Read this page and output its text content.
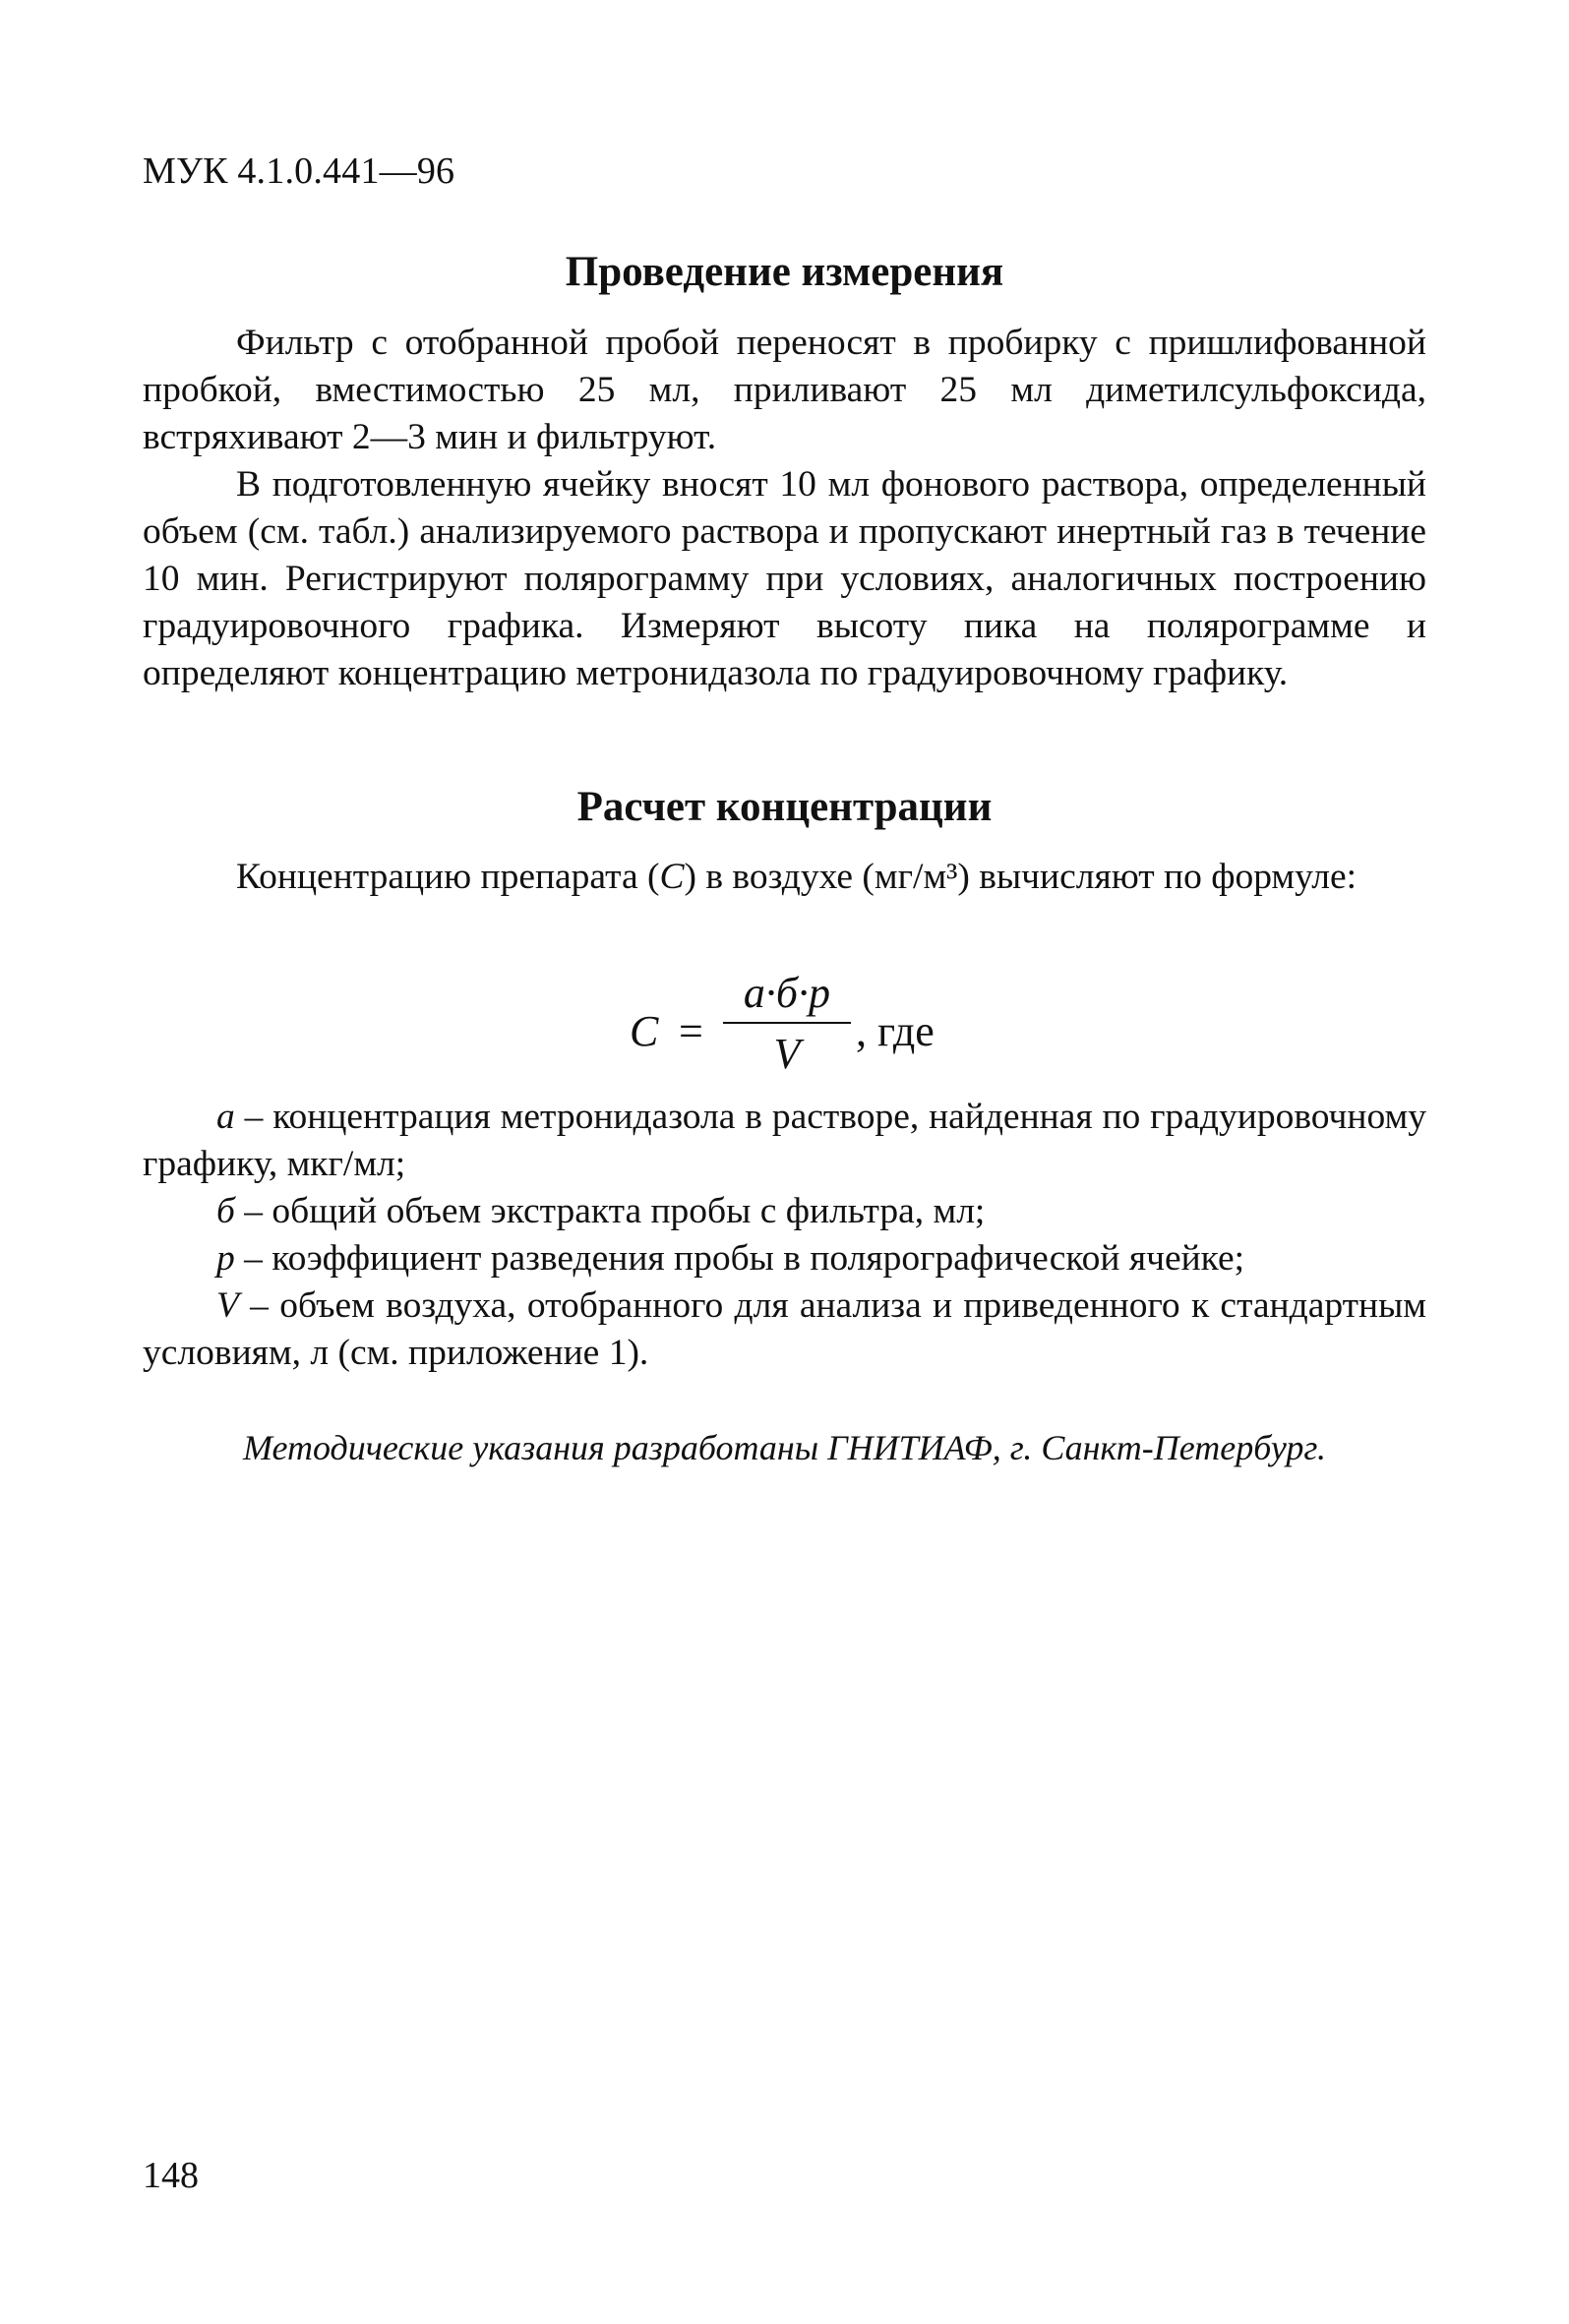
МУК 4.1.0.441—96
Проведение измерения

Фильтр с отобранной пробой переносят в пробирку с пришлифованной пробкой, вместимостью 25 мл, приливают 25 мл диметилсульфоксида, встряхивают 2—3 мин и фильтруют.

В подготовленную ячейку вносят 10 мл фонового раствора, определенный объем (см. табл.) анализируемого раствора и пропускают инертный газ в течение 10 мин. Регистрируют полярограмму при условиях, аналогичных построению градуировочного графика. Измеряют высоту пика на полярограмме и определяют концентрацию метронидазола по градуировочному графику.

Расчет концентрации

Концентрацию препарата (С) в воздухе (мг/м³) вычисляют по формуле:

C =
a·б·p
V	, где

а – концентрация метронидазола в растворе, найденная по градуировочному графику, мкг/мл;

б – общий объем экстракта пробы с фильтра, мл;

р – коэффициент разведения пробы в полярографической ячейке;

V – объем воздуха, отобранного для анализа и приведенного к стандартным условиям, л (см. приложение 1).

Методические указания разработаны ГНИТИАФ, г. Санкт-Петербург.
148
